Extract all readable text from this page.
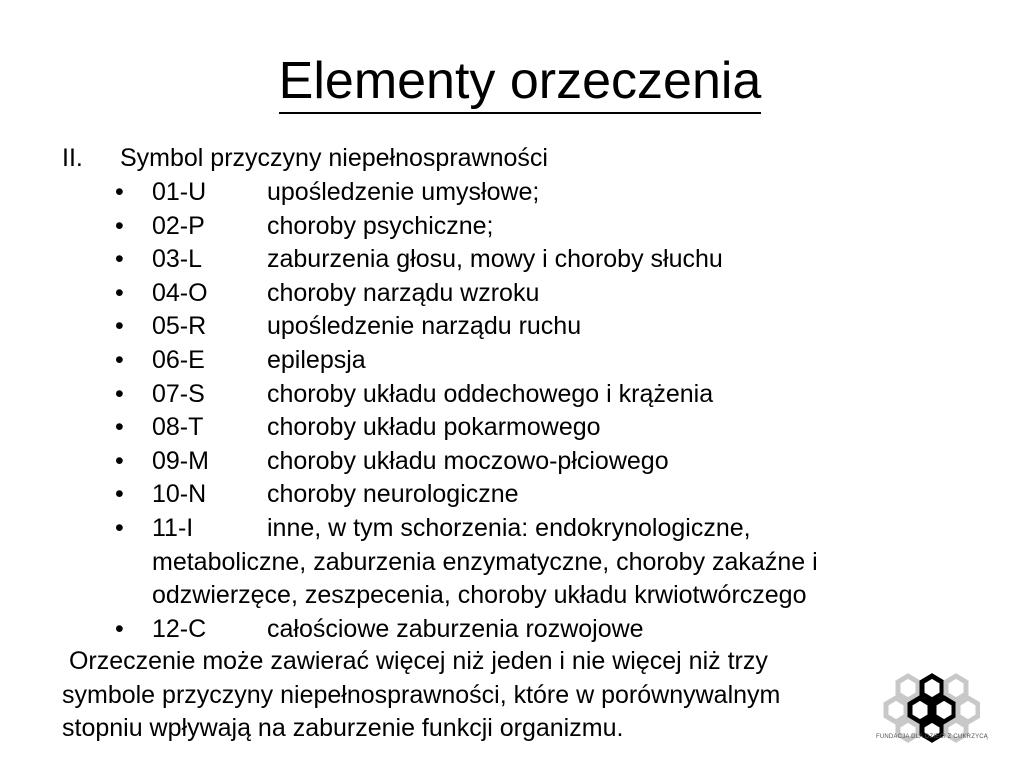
Elementy orzeczenia
II. Symbol przyczyny niepełnosprawności
• 01-U upośledzenie umysłowe;
• 02-P choroby psychiczne;
• 03-L	zaburzenia głosu, mowy i choroby słuchu
• 04-O choroby narządu wzroku
• 05-R upośledzenie narządu ruchu
• 06-E epilepsja
• 07-S choroby układu oddechowego i krążenia
• 08-T	choroby układu pokarmowego
• 09-M choroby układu moczowo-płciowego
• 10-N choroby neurologiczne
• 11-I	inne, w tym schorzenia: endokrynologiczne,
metaboliczne, zaburzenia enzymatyczne, choroby zakaźne i
odzwierzęce, zeszpecenia, choroby układu krwiotwórczego
• 12-C całościowe zaburzenia rozwojowe
Orzeczenie może zawierać więcej niż jeden i nie więcej niż trzy
symbole przyczyny niepełnosprawności, które w porównywalnym
stopniu wpływają na zaburzenie funkcji organizmu.	FUNDACJA DLA DZIECI Z CUKRZYCĄ
